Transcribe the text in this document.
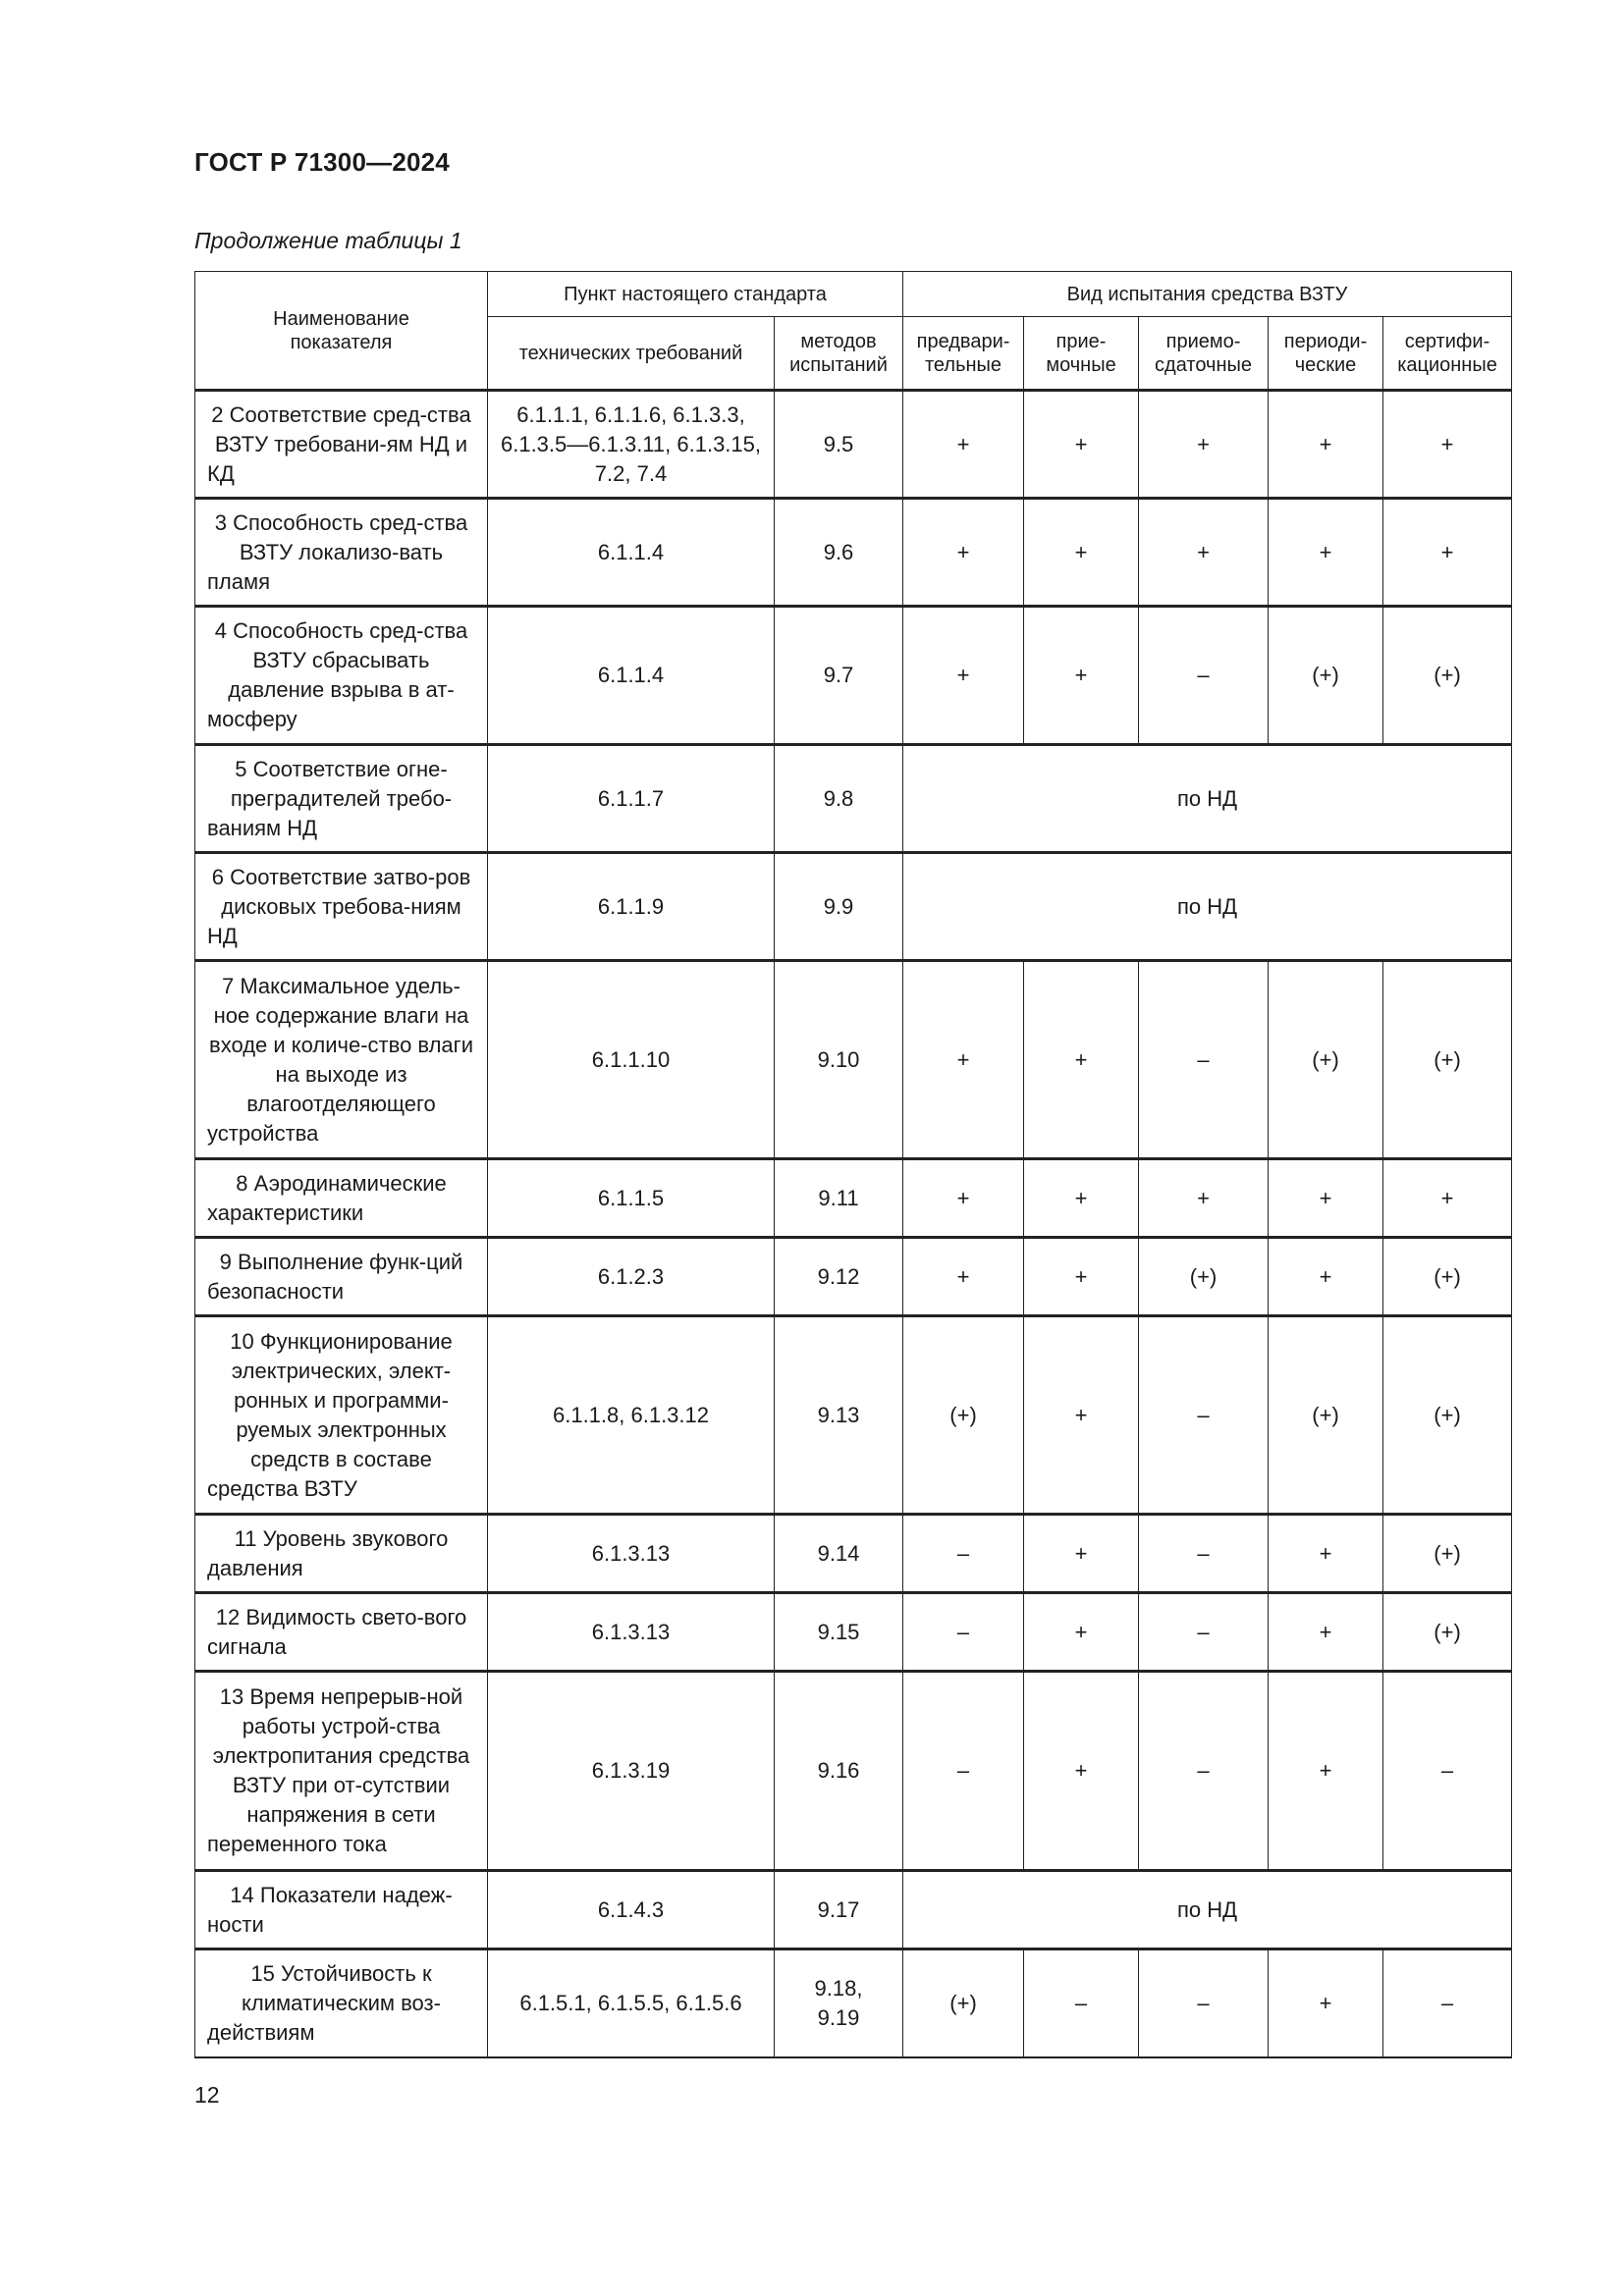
ГОСТ Р 71300—2024
Продолжение таблицы 1
Наименование показателя	Пункт настоящего стандарта		Вид испытания средства ВЗТУ				
	технических требований	методов испытаний	предвари-тельные	прие-мочные	приемо-сдаточные	периоди-ческие	сертифи-кационные
2 Соответствие сред-ства ВЗТУ требовани-ям НД и КД	6.1.1.1, 6.1.1.6, 6.1.3.3, 6.1.3.5—6.1.3.11, 6.1.3.15, 7.2, 7.4	9.5	+	+	+	+	+
3 Способность сред-ства ВЗТУ локализо-вать пламя	6.1.1.4	9.6	+	+	+	+	+
4 Способность сред-ства ВЗТУ сбрасывать давление взрыва в ат-мосферу	6.1.1.4	9.7	+	+	–	(+)	(+)
5 Соответствие огне-преградителей требо-ваниям НД	6.1.1.7	9.8	по НД				
6 Соответствие затво-ров дисковых требова-ниям НД	6.1.1.9	9.9	по НД				
7 Максимальное удель-ное содержание влаги на входе и количе-ство влаги на выходе из влагоотделяющего устройства	6.1.1.10	9.10	+	+	–	(+)	(+)
8 Аэродинамические характеристики	6.1.1.5	9.11	+	+	+	+	+
9 Выполнение функ-ций безопасности	6.1.2.3	9.12	+	+	(+)	+	(+)
10 Функционирование электрических, элект-ронных и программи-руемых электронных средств в составе средства ВЗТУ	6.1.1.8, 6.1.3.12	9.13	(+)	+	–	(+)	(+)
11 Уровень звукового давления	6.1.3.13	9.14	–	+	–	+	(+)
12 Видимость свето-вого сигнала	6.1.3.13	9.15	–	+	–	+	(+)
13 Время непрерыв-ной работы устрой-ства электропитания средства ВЗТУ при от-сутствии напряжения в сети переменного тока	6.1.3.19	9.16	–	+	–	+	–
14 Показатели надеж-ности	6.1.4.3	9.17	по НД				
15 Устойчивость к климатическим воз-действиям	6.1.5.1, 6.1.5.5, 6.1.5.6	9.18, 9.19	(+)	–	–	+	–
12
